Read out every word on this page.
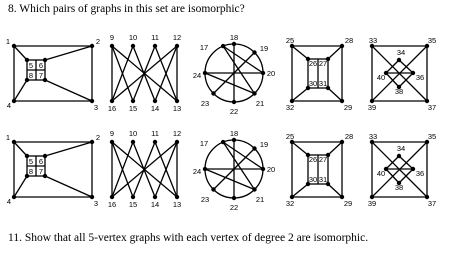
8. Which pairs of graphs in this set are isomorphic?
1	2
3
4
5 6
7
8
9 10 11 12
16 15 14 13
17
18
19
20
21
22
23
24
25	28
29
32
26 27
31
30
33	35
37
39
34
36
38
40
1	2
3
4
5 6
7
8
9 10 11 12
16 15 14 13
17
18
19
20
21
22
23
24
25	28
29
32
26 27
31
30
33	35
37
39
34
36
38
40
11. Show that all 5-vertex graphs with each vertex of degree 2 are isomorphic.
